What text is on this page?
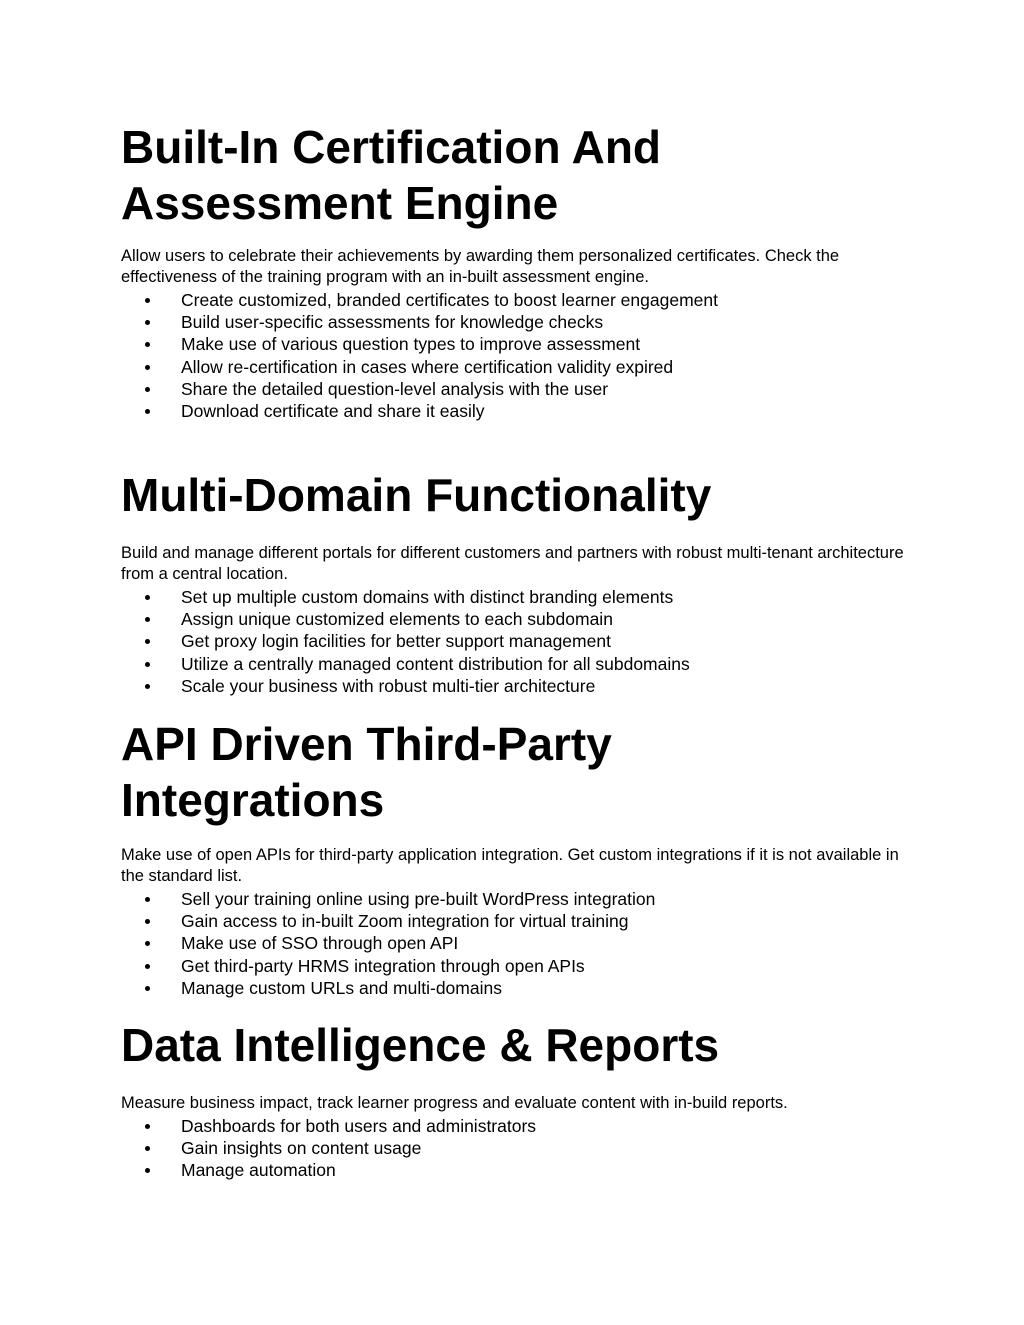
Built-In Certification And Assessment Engine

Allow users to celebrate their achievements by awarding them personalized certificates. Check the effectiveness of the training program with an in-built assessment engine.

Create customized, branded certificates to boost learner engagement
Build user-specific assessments for knowledge checks
Make use of various question types to improve assessment
Allow re-certification in cases where certification validity expired
Share the detailed question-level analysis with the user
Download certificate and share it easily
Multi-Domain Functionality

Build and manage different portals for different customers and partners with robust multi-tenant architecture from a central location.

Set up multiple custom domains with distinct branding elements
Assign unique customized elements to each subdomain
Get proxy login facilities for better support management
Utilize a centrally managed content distribution for all subdomains
Scale your business with robust multi-tier architecture
API Driven Third-Party Integrations

Make use of open APIs for third-party application integration. Get custom integrations if it is not available in the standard list.

Sell your training online using pre-built WordPress integration
Gain access to in-built Zoom integration for virtual training
Make use of SSO through open API
Get third-party HRMS integration through open APIs
Manage custom URLs and multi-domains
Data Intelligence & Reports

Measure business impact, track learner progress and evaluate content with in-build reports.

Dashboards for both users and administrators
Gain insights on content usage
Manage automation
